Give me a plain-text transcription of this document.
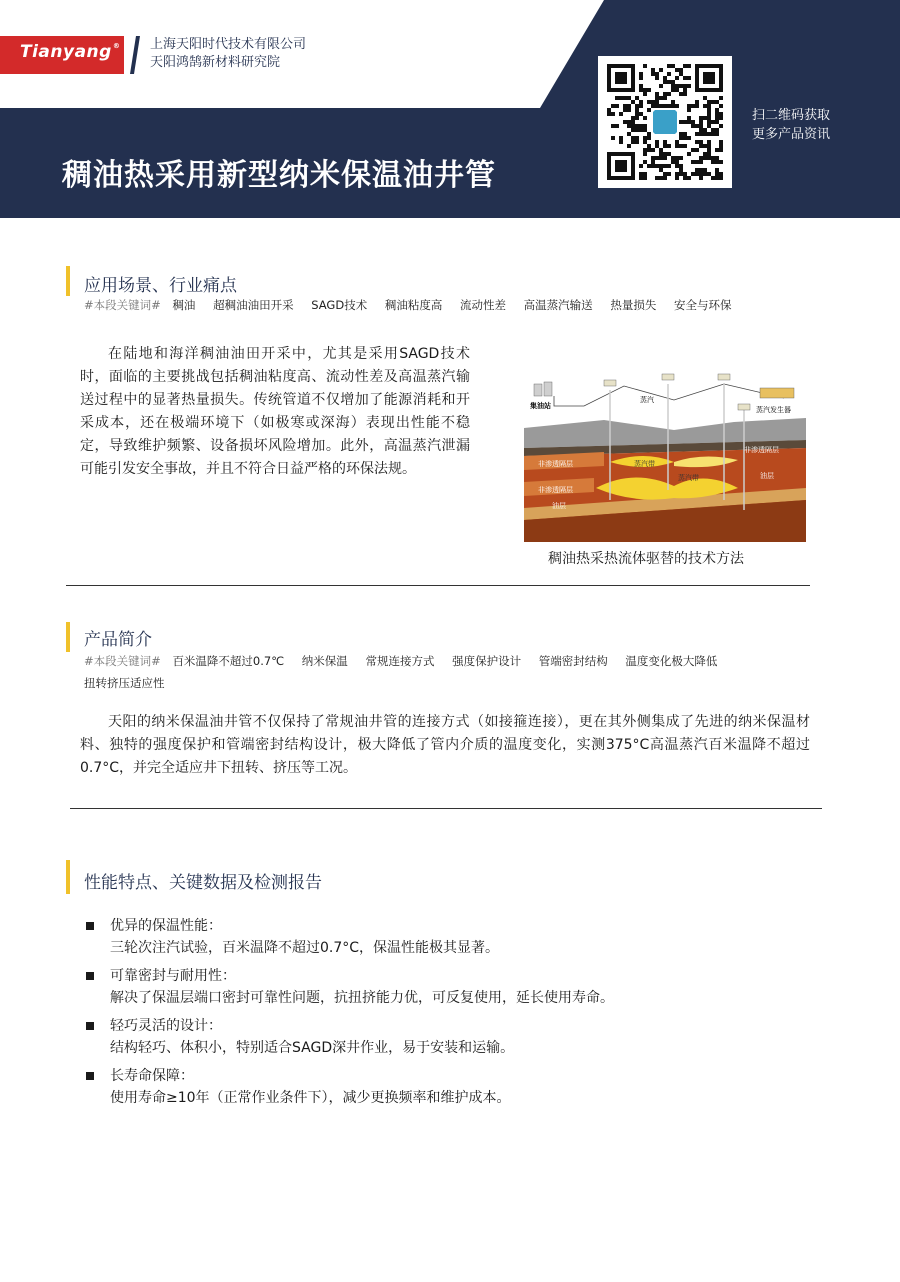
Tianyang® 上海天阳时代技术有限公司
天阳鸿鹄新材料研究院
稠油热采用新型纳米保温油井管
扫二维码获取
更多产品资讯
应用场景、行业痛点
#本段关键词# 稠油 超稠油油田开采 SAGD技术 稠油粘度高 流动性差 高温蒸汽输送 热量损失 安全与环保
在陆地和海洋稠油油田开采中，尤其是采用SAGD技术时，面临的主要挑战包括稠油粘度高、流动性差及高温蒸汽输送过程中的显著热量损失。传统管道不仅增加了能源消耗和开采成本，还在极端环境下（如极寒或深海）表现出性能不稳定，导致维护频繁、设备损坏风险增加。此外，高温蒸汽泄漏可能引发安全事故，并且不符合日益严格的环保法规。
集油站
蒸汽
蒸汽发生器
非渗透隔层
非渗透隔层
非渗透隔层
蒸汽带
蒸汽带
油层
油层
稠油热采热流体驱替的技术方法
产品简介
#本段关键词# 百米温降不超过0.7℃ 纳米保温 常规连接方式 强度保护设计 管端密封结构 温度变化极大降低 扭转挤压适应性
天阳的纳米保温油井管不仅保持了常规油井管的连接方式（如接箍连接），更在其外侧集成了先进的纳米保温材料、独特的强度保护和管端密封结构设计，极大降低了管内介质的温度变化，实测375°C高温蒸汽百米温降不超过0.7°C，并完全适应井下扭转、挤压等工况。
性能特点、关键数据及检测报告
优异的保温性能：
三轮次注汽试验，百米温降不超过0.7°C，保温性能极其显著。
可靠密封与耐用性：
解决了保温层端口密封可靠性问题，抗扭挤能力优，可反复使用，延长使用寿命。
轻巧灵活的设计：
结构轻巧、体积小，特别适合SAGD深井作业，易于安装和运输。
长寿命保障：
使用寿命≥10年（正常作业条件下），减少更换频率和维护成本。
